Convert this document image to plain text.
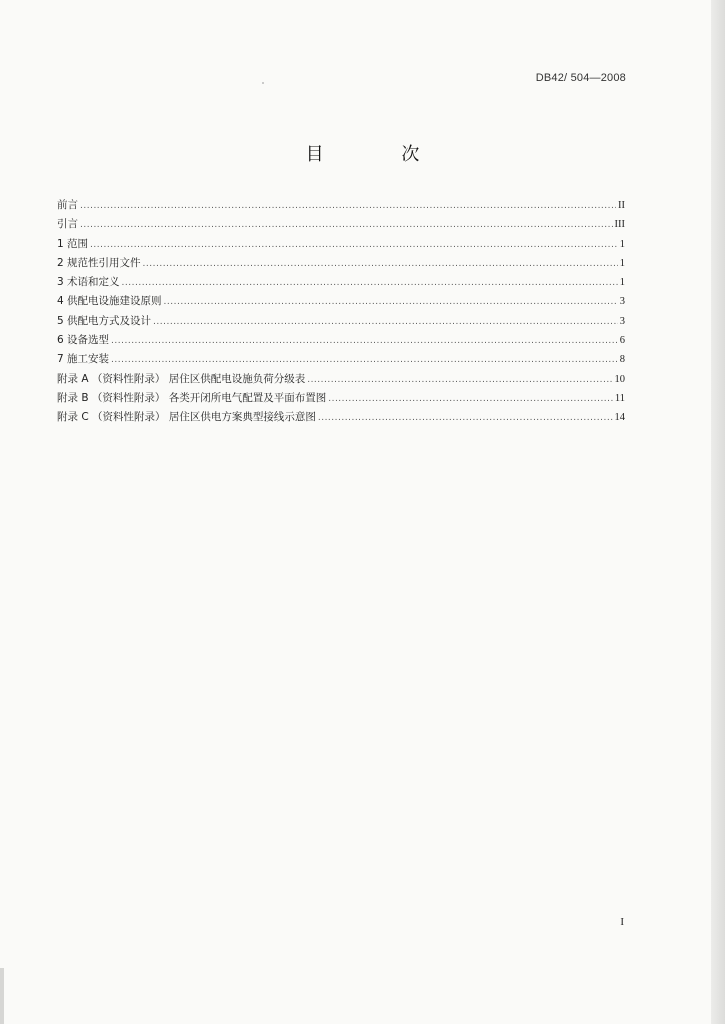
DB42/ 504—2008
目 次
前言 .....	II
引言 .....	III
1 范围 .....	1
2 规范性引用文件 .....	1
3 术语和定义 .....	1
4 供配电设施建设原则 .....	3
5 供配电方式及设计 .....	3
6 设备选型 .....	6
7 施工安装 .....	8
附录 A （资料性附录） 居住区供配电设施负荷分级表 .....	10
附录 B （资料性附录） 各类开闭所电气配置及平面布置图 .....	11
附录 C （资料性附录） 居住区供电方案典型接线示意图 .....	14
I
